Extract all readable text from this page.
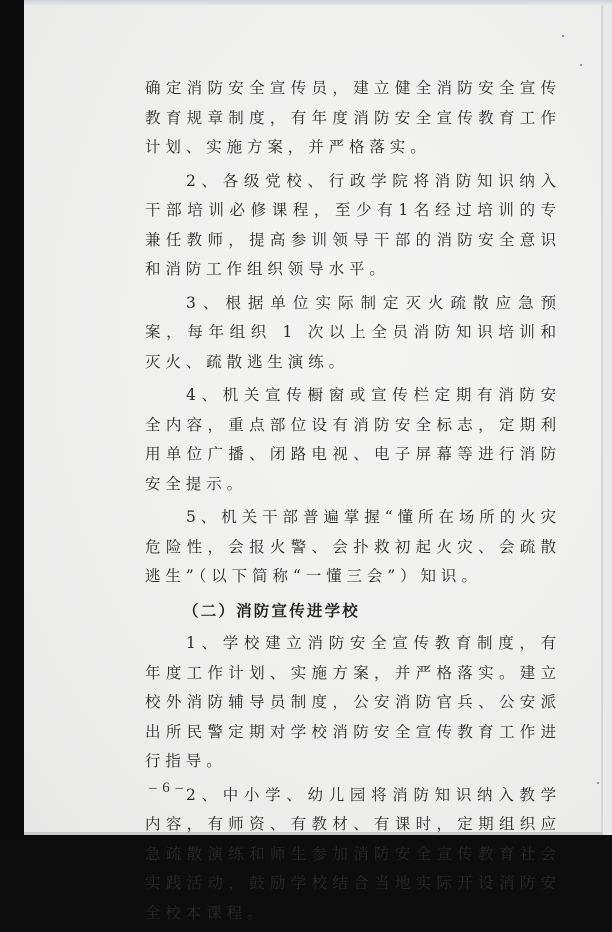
确定消防安全宣传员，建立健全消防安全宣传教育规章制度，有年度消防安全宣传教育工作计划、实施方案，并严格落实。

2、各级党校、行政学院将消防知识纳入干部培训必修课程，至少有1名经过培训的专兼任教师，提高参训领导干部的消防安全意识和消防工作组织领导水平。

3、根据单位实际制定灭火疏散应急预案，每年组织 1 次以上全员消防知识培训和灭火、疏散逃生演练。

4、机关宣传橱窗或宣传栏定期有消防安全内容，重点部位设有消防安全标志，定期利用单位广播、闭路电视、电子屏幕等进行消防安全提示。

5、机关干部普遍掌握“懂所在场所的火灾危险性，会报火警、会扑救初起火灾、会疏散逃生”（以下简称“一懂三会”）知识。

（二）消防宣传进学校

1、学校建立消防安全宣传教育制度，有年度工作计划、实施方案，并严格落实。建立校外消防辅导员制度，公安消防官兵、公安派出所民警定期对学校消防安全宣传教育工作进行指导。

2、中小学、幼儿园将消防知识纳入教学内容，有师资、有教材、有课时，定期组织应急疏散演练和师生参加消防安全宣传教育社会实践活动，鼓励学校结合当地实际开设消防安全校本课程。

– 6 –
